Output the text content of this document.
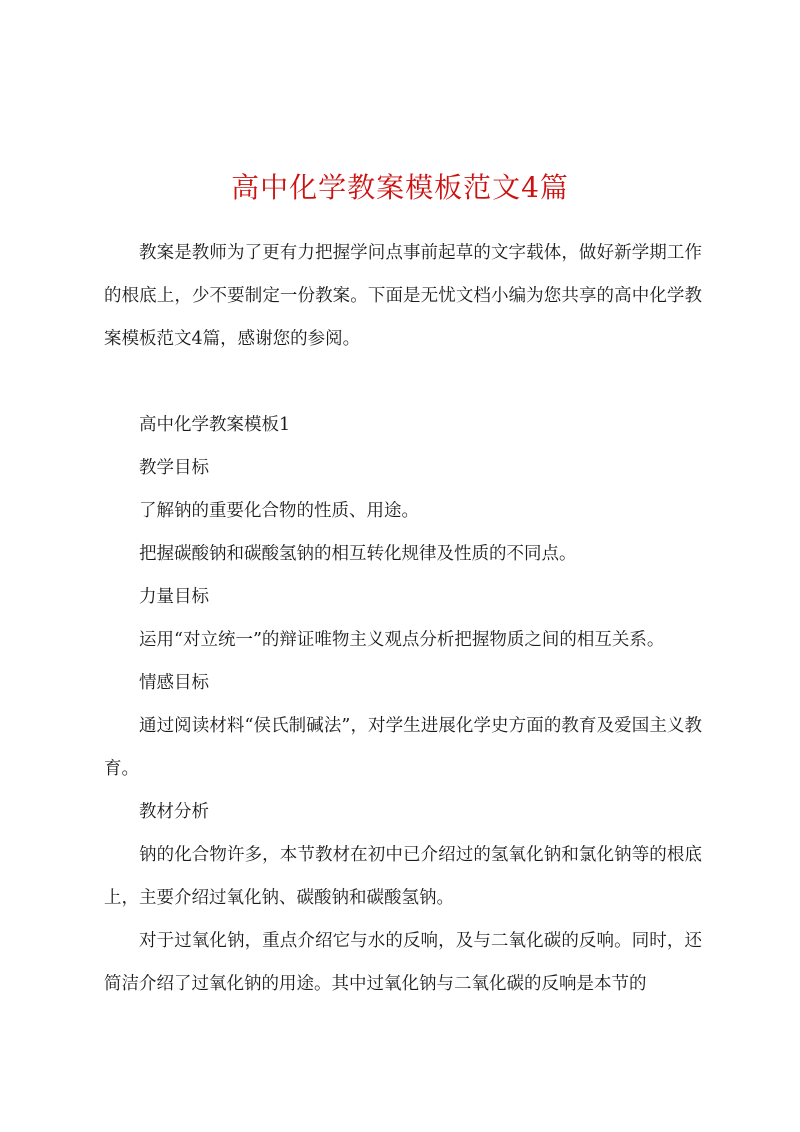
高中化学教案模板范文4篇

教案是教师为了更有力把握学问点事前起草的文字载体，做好新学期工作的根底上，少不要制定一份教案。下面是无忧文档小编为您共享的高中化学教案模板范文4篇，感谢您的参阅。

高中化学教案模板1

教学目标

了解钠的重要化合物的性质、用途。

把握碳酸钠和碳酸氢钠的相互转化规律及性质的不同点。

力量目标

运用“对立统一”的辩证唯物主义观点分析把握物质之间的相互关系。

情感目标

通过阅读材料“侯氏制碱法”，对学生进展化学史方面的教育及爱国主义教育。

教材分析

钠的化合物许多，本节教材在初中已介绍过的氢氧化钠和氯化钠等的根底上，主要介绍过氧化钠、碳酸钠和碳酸氢钠。

对于过氧化钠，重点介绍它与水的反响，及与二氧化碳的反响。同时，还简洁介绍了过氧化钠的用途。其中过氧化钠与二氧化碳的反响是本节的
